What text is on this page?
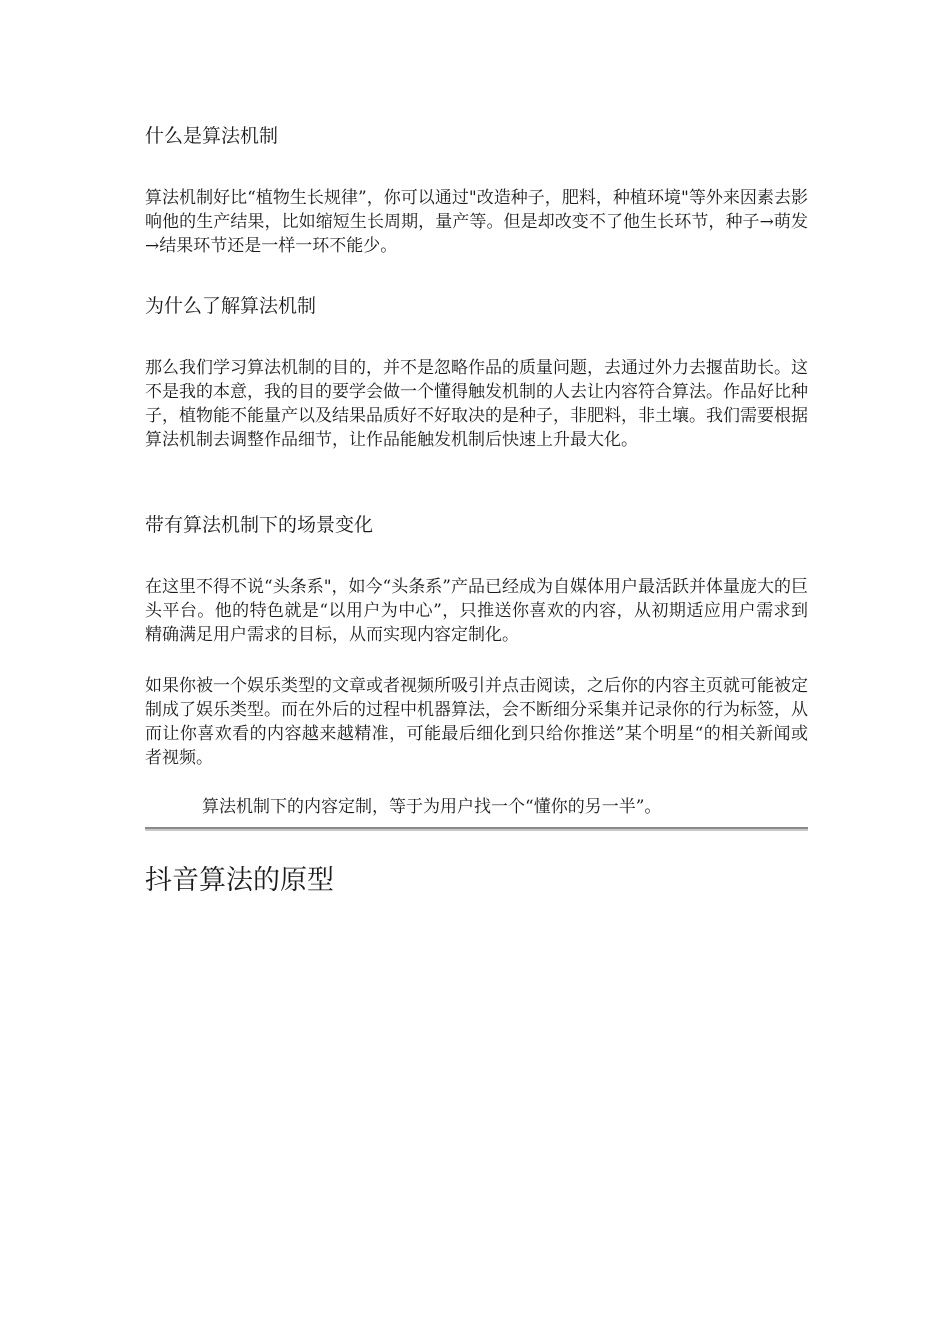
什么是算法机制

算法机制好比“植物生长规律”，你可以通过"改造种子，肥料，种植环境"等外来因素去影响他的生产结果，比如缩短生长周期，量产等。但是却改变不了他生长环节，种子→萌发→结果环节还是一样一环不能少。

为什么了解算法机制

那么我们学习算法机制的目的，并不是忽略作品的质量问题，去通过外力去揠苗助长。这不是我的本意，我的目的要学会做一个懂得触发机制的人去让内容符合算法。作品好比种子，植物能不能量产以及结果品质好不好取决的是种子，非肥料，非土壤。我们需要根据算法机制去调整作品细节，让作品能触发机制后快速上升最大化。

带有算法机制下的场景变化

在这里不得不说“头条系"，如今“头条系”产品已经成为自媒体用户最活跃并体量庞大的巨头平台。他的特色就是“以用户为中心”，只推送你喜欢的内容，从初期适应用户需求到精确满足用户需求的目标，从而实现内容定制化。

如果你被一个娱乐类型的文章或者视频所吸引并点击阅读，之后你的内容主页就可能被定制成了娱乐类型。而在外后的过程中机器算法，会不断细分采集并记录你的行为标签，从而让你喜欢看的内容越来越精准，可能最后细化到只给你推送”某个明星“的相关新闻或者视频。

算法机制下的内容定制，等于为用户找一个“懂你的另一半”。

抖音算法的原型
